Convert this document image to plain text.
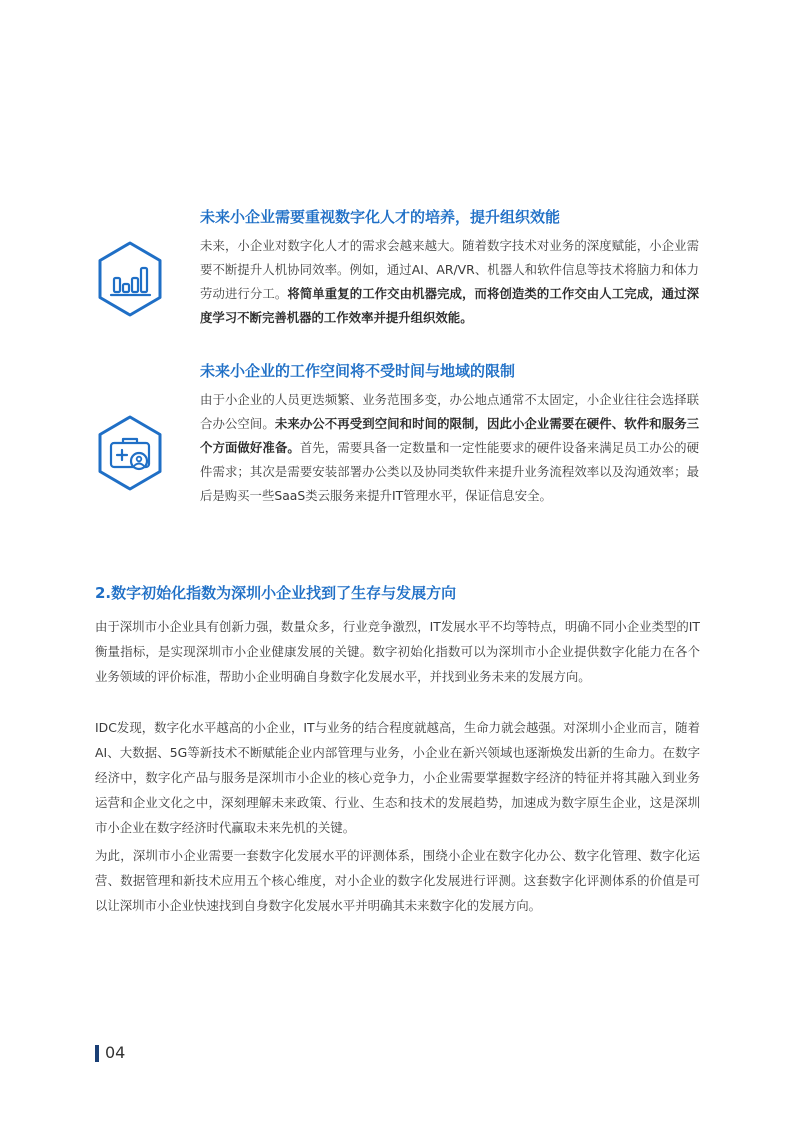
未来小企业需要重视数字化人才的培养，提升组织效能

未来，小企业对数字化人才的需求会越来越大。随着数字技术对业务的深度赋能，小企业需要不断提升人机协同效率。例如，通过AI、AR/VR、机器人和软件信息等技术将脑力和体力劳动进行分工。将简单重复的工作交由机器完成，而将创造类的工作交由人工完成，通过深度学习不断完善机器的工作效率并提升组织效能。

未来小企业的工作空间将不受时间与地域的限制

由于小企业的人员更迭频繁、业务范围多变，办公地点通常不太固定，小企业往往会选择联合办公空间。未来办公不再受到空间和时间的限制，因此小企业需要在硬件、软件和服务三个方面做好准备。首先，需要具备一定数量和一定性能要求的硬件设备来满足员工办公的硬件需求；其次是需要安装部署办公类以及协同类软件来提升业务流程效率以及沟通效率；最后是购买一些SaaS类云服务来提升IT管理水平，保证信息安全。

2.数字初始化指数为深圳小企业找到了生存与发展方向

由于深圳市小企业具有创新力强，数量众多，行业竞争激烈，IT发展水平不均等特点，明确不同小企业类型的IT衡量指标，是实现深圳市小企业健康发展的关键。数字初始化指数可以为深圳市小企业提供数字化能力在各个业务领域的评价标准，帮助小企业明确自身数字化发展水平，并找到业务未来的发展方向。

IDC发现，数字化水平越高的小企业，IT与业务的结合程度就越高，生命力就会越强。对深圳小企业而言，随着AI、大数据、5G等新技术不断赋能企业内部管理与业务，小企业在新兴领域也逐渐焕发出新的生命力。在数字经济中，数字化产品与服务是深圳市小企业的核心竞争力，小企业需要掌握数字经济的特征并将其融入到业务运营和企业文化之中，深刻理解未来政策、行业、生态和技术的发展趋势，加速成为数字原生企业，这是深圳市小企业在数字经济时代赢取未来先机的关键。

为此，深圳市小企业需要一套数字化发展水平的评测体系，围绕小企业在数字化办公、数字化管理、数字化运营、数据管理和新技术应用五个核心维度，对小企业的数字化发展进行评测。这套数字化评测体系的价值是可以让深圳市小企业快速找到自身数字化发展水平并明确其未来数字化的发展方向。

04
